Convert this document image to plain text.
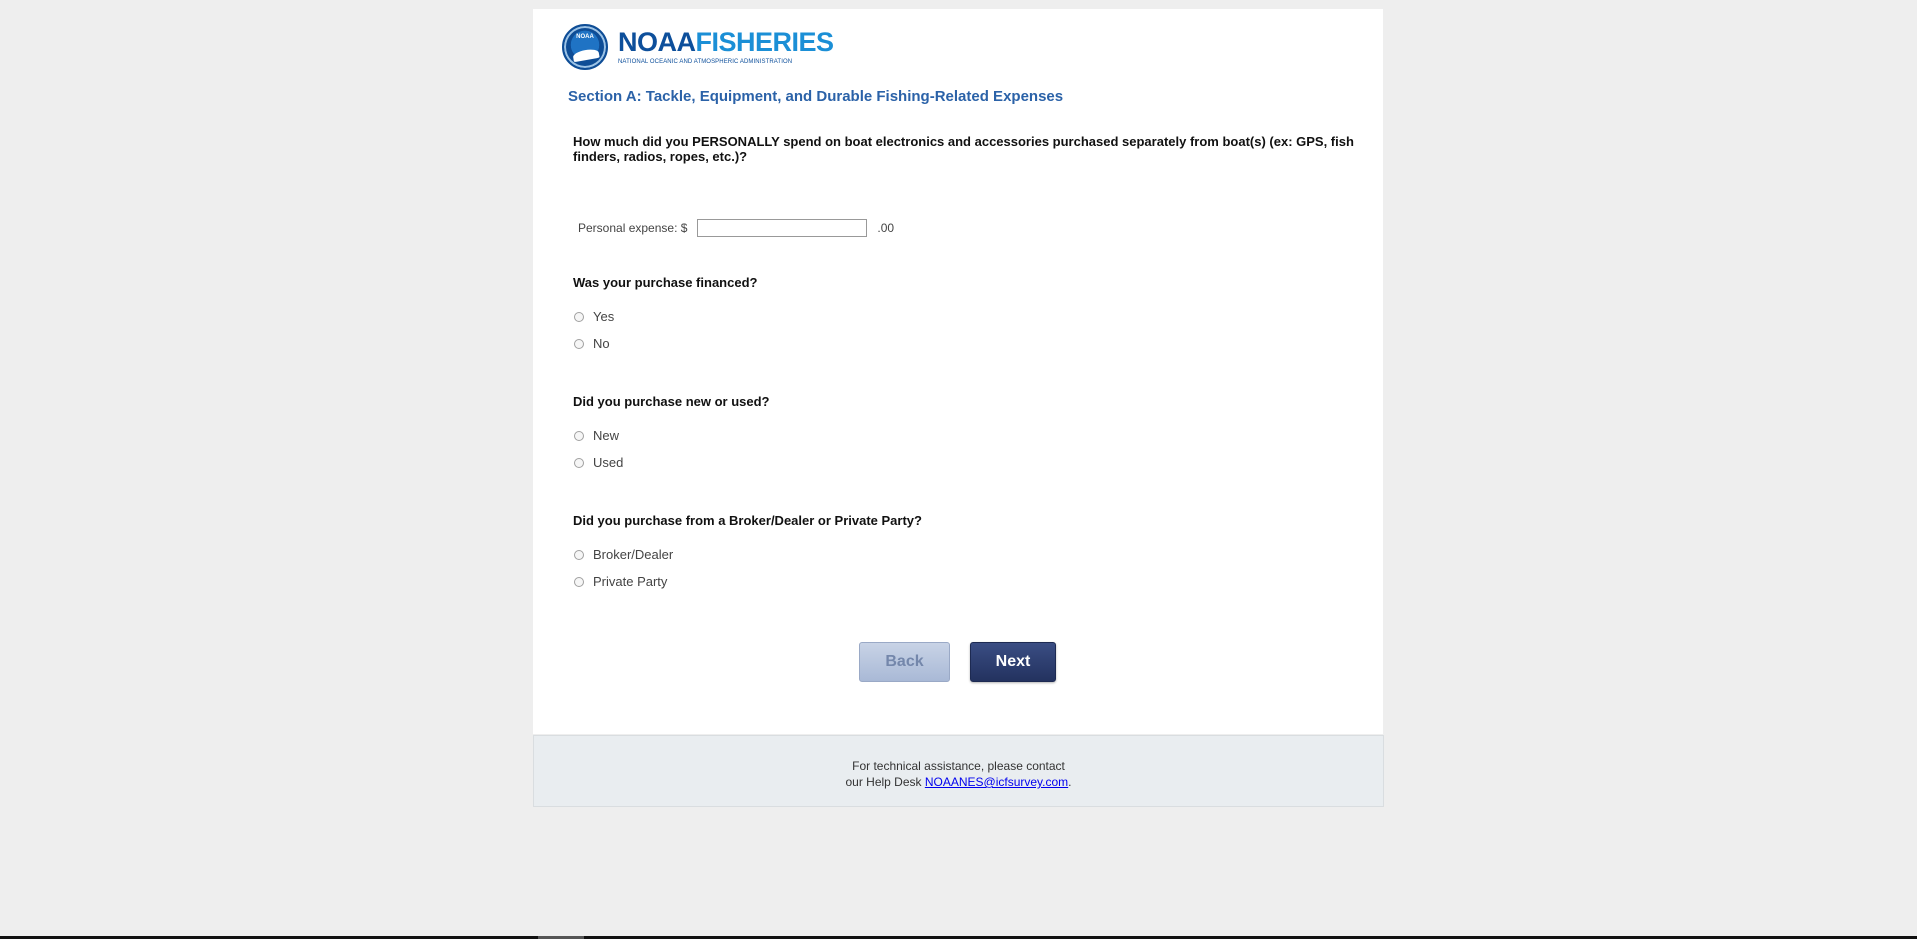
NOAA NOAAFISHERIES
NATIONAL OCEANIC AND ATMOSPHERIC ADMINISTRATION
Section A: Tackle, Equipment, and Durable Fishing-Related Expenses
How much did you PERSONALLY spend on boat electronics and accessories purchased separately from boat(s) (ex: GPS, fish finders, radios, ropes, etc.)?
Personal expense: $	.00
Was your purchase financed?
Yes
No
Did you purchase new or used?
New
Used
Did you purchase from a Broker/Dealer or Private Party?
Broker/Dealer
Private Party
Back	Next
For technical assistance, please contact
our Help Desk NOAANES@icfsurvey.com.
